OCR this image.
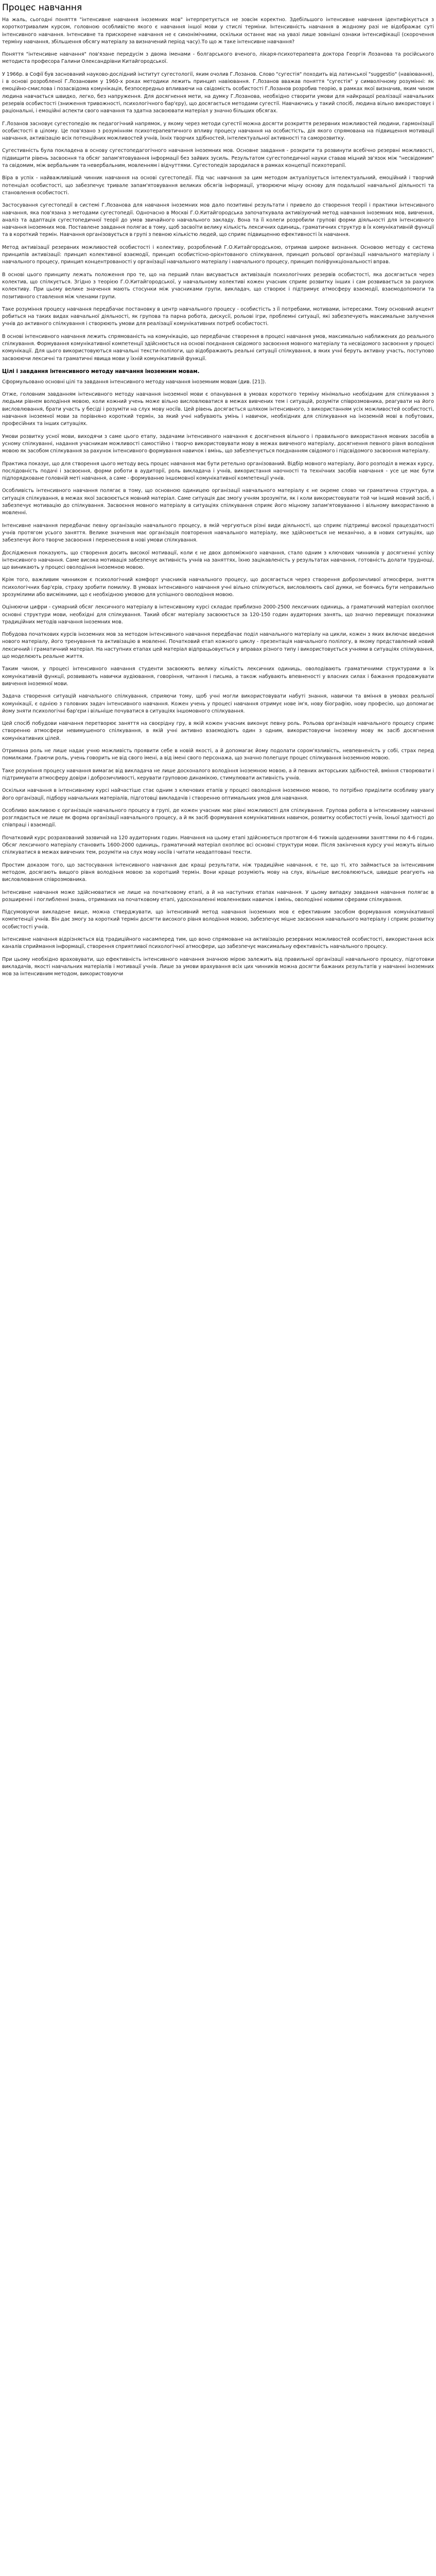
Процес навчання

На жаль, сьогодні поняття "інтенсивне навчання іноземних мов" інтерпретується не зовсім коректно. Здебільшого інтенсивне навчання ідентифікується з короткотривалим курсом, головною особливістю якого є навчання іншої мови у стислі терміни. Інтенсивність навчання в жодному разі не відображає суті інтенсивного навчання. Інтенсивне та прискорене навчання не є синонімічними, оскільки останнє має на увазі лише зовнішні ознаки інтенсифікації (скорочення терміну навчання, збільшення обсягу матеріалу за визначений період часу).То що ж таке інтенсивне навчання?

Поняття "інтенсивне навчання" пов'язане передусім з двома іменами - болгарського вченого, лікаря-психотерапевта доктора Георгія Лозанова та російського методиста професора Галини Олександрівни Китайгородської.

У 1966р. в Софії був заснований науково-дослідний інститут сугестології, яким очолив Г.Лозанов. Слово "сугестія" походить від латинської "suggestio" (навіювання), і в основі розробленої Г.Лозановим у 1960-х роках методики лежить принцип навіювання. Г.Лозанов вважав поняття "сугестія" у символічному розумінні: як емоційно-смислова і позасвідома комунікація, безпосередньо впливаючи на свідомість особистості Г.Лозанов розробив теорію, в рамках якої визначив, яким чином людина навчається швидко, легко, без напруження. Для досягнення мети, на думку Г.Лозанова, необхідно створити умови для найкращої реалізації навчальних резервів особистості (зниження тривожності, психологічного бар'єру), що досягається методами сугестії. Навчаючись у такий спосіб, людина вільно використовує і раціональні, і емоційні аспекти свого навчання та здатна засвоювати матеріал у значно більших обсягах.

Г.Лозанов засновує сугестопедію як педагогічний напрямок, у якому через методи сугестії можна досягти розкриття резервних можливостей людини, гармонізації особистості в цілому. Це пов'язано з розумінням психотерапевтичного впливу процесу навчання на особистість, дія якого спрямована на підвищення мотивації навчання, активізацію всіх потенційних можливостей учнів, їхніх творчих здібностей, інтелектуальної активності та саморозвитку.

Сугестивність була покладена в основу сугестопедагогічного навчання іноземних мов. Основне завдання - розкрити та розвинути всебічно резервні можливості, підвищити рівень засвоєння та обсяг запам'ятовування інформації без зайвих зусиль. Результатом сугестопедичної науки ставав міцний зв'язок між "несвідомим" та свідомим, між вербальним та невербальним, мовленням і відчуттями. Сугестопедія зародилася в рамках концепції психотерапії.

Віра в успіх - найважливіший чинник навчання на основі сугестопедії. Під час навчання за цим методом актуалізується інтелектуальний, емоційний і творчий потенціал особистості, що забезпечує тривале запам'ятовування великих обсягів інформації, утворюючи міцну основу для подальшої навчальної діяльності та становлення особистості.

Застосування сугестопедії в системі Г.Лозанова для навчання іноземних мов дало позитивні результати і привело до створення теорії і практики інтенсивного навчання, яка пов'язана з методами сугестопедії. Одночасно в Москві Г.О.Китайгородська започаткувала активізуючий метод навчання іноземних мов, вивчення, аналіз та адаптація сугестопедичної теорії до умов звичайного навчального закладу. Вона та її колеги розробили групові форми діяльності для інтенсивного навчання іноземних мов. Поставлене завдання полягає в тому, щоб засвоїти велику кількість лексичних одиниць, граматичних структур в їх комунікативній функції та в короткий термін. Навчання організовується в групі з певною кількістю людей, що сприяє підвищенню ефективності їх навчання.

Метод активізації резервних можливостей особистості і колективу, розроблений Г.О.Китайгородською, отримав широке визнання. Основою методу є система принципів активізації: принцип колективної взаємодії, принцип особистісно-орієнтованого спілкування, принцип рольової організації навчального матеріалу і навчального процесу, принцип концентрованості у організації навчального матеріалу і навчального процесу, принцип поліфункціональності вправ.

В основі цього принципу лежать положення про те, що на перший план висувається активізація психологічних резервів особистості, яка досягається через колектив, що спілкується. Згідно з теорією Г.О.Китайгородської, у навчальному колективі кожен учасник сприяє розвитку інших і сам розвивається за рахунок колективу. При цьому велике значення мають стосунки між учасниками групи, викладач, що створює і підтримує атмосферу взаємодії, взаємодопомоги та позитивного ставлення між членами групи.

Таке розуміння процесу навчання передбачає постановку в центр навчального процесу - особистість з її потребами, мотивами, інтересами. Тому основний акцент робиться на таких видах навчальної діяльності, як групова та парна робота, дискусії, рольові ігри, проблемні ситуації, які забезпечують максимальне залучення учнів до активного спілкування і створюють умови для реалізації комунікативних потреб особистості.

В основі інтенсивного навчання лежить спрямованість на комунікацію, що передбачає створення в процесі навчання умов, максимально наближених до реального спілкування. Формування комунікативної компетенції здійснюється на основі поєднання свідомого засвоєння мовного матеріалу та несвідомого засвоєння у процесі комунікації. Для цього використовуються навчальні тексти-полілоги, що відображають реальні ситуації спілкування, в яких учні беруть активну участь, поступово засвоюючи лексичні та граматичні явища мови у їхній комунікативній функції.

Цілі і завдання інтенсивного методу навчання іноземним мовам.

Сформульовано основні цілі та завдання інтенсивного методу навчання іноземним мовам (див. [21]).

Отже, головним завданням інтенсивного методу навчання іноземної мови є опанування в умовах короткого терміну мінімально необхідним для спілкування з людьми рівнем володіння мовою, коли кожний учень може вільно висловлюватися в межах вивчених тем і ситуацій, розуміти співрозмовника, реагувати на його висловлювання, брати участь у бесіді і розуміти на слух мову носіїв. Цей рівень досягається шляхом інтенсивного, з використанням усіх можливостей особистості, навчання іноземної мови за порівняно короткий термін, за який учні набувають умінь і навичок, необхідних для спілкування на іноземній мові в побутових, професійних та інших ситуаціях.

Умови розвитку усної мови, виходячи з саме цього етапу, задачами інтенсивного навчання є досягнення вільного і правильного використання мовних засобів в усному спілкуванні, надання учасникам можливості самостійно і творчо використовувати мову в межах вивченого матеріалу, досягнення певного рівня володіння мовою як засобом спілкування за рахунок інтенсивного формування навичок і вмінь, що забезпечується поєднанням свідомого і підсвідомого засвоєння матеріалу.

Практика показує, що для створення цього методу весь процес навчання має бути ретельно організований. Відбір мовного матеріалу, його розподіл в межах курсу, послідовність подачі і засвоєння, форми роботи в аудиторії, роль викладача і учнів, використання наочності та технічних засобів навчання - усе це має бути підпорядковане головній меті навчання, а саме - формуванню іншомовної комунікативної компетенції учнів.

Особливість інтенсивного навчання полягає в тому, що основною одиницею організації навчального матеріалу є не окреме слово чи граматична структура, а ситуація спілкування, в межах якої засвоюється мовний матеріал. Саме ситуація дає змогу учням зрозуміти, як і коли використовувати той чи інший мовний засіб, і забезпечує мотивацію до спілкування. Засвоєння мовного матеріалу в ситуаціях спілкування сприяє його міцному запам'ятовуванню і вільному використанню в мовленні.

Інтенсивне навчання передбачає певну організацію навчального процесу, в якій чергуються різні види діяльності, що сприяє підтримці високої працездатності учнів протягом усього заняття. Велике значення має організація повторення навчального матеріалу, яке здійснюється не механічно, а в нових ситуаціях, що забезпечує його творче засвоєння і перенесення в нові умови спілкування.

Дослідження показують, що створення досить високої мотивації, коли є не двох допоміжного навчання, стало одним з ключових чинників у досягненні успіху інтенсивного навчання. Саме висока мотивація забезпечує активність учнів на заняттях, їхню зацікавленість у результатах навчання, готовність долати труднощі, що виникають у процесі оволодіння іноземною мовою.

Крім того, важливим чинником є психологічний комфорт учасників навчального процесу, що досягається через створення доброзичливої атмосфери, зняття психологічних бар'єрів, страху зробити помилку. В умовах інтенсивного навчання учні вільно спілкуються, висловлюють свої думки, не боячись бути неправильно зрозумілими або висміяними, що є необхідною умовою для успішного оволодіння мовою.

Оцінюючи цифри - сумарний обсяг лексичного матеріалу в інтенсивному курсі складає приблизно 2000-2500 лексичних одиниць, а граматичний матеріал охоплює основні структури мови, необхідні для спілкування. Такий обсяг матеріалу засвоюється за 120-150 годин аудиторних занять, що значно перевищує показники традиційних методів навчання іноземних мов.

Побудова початкових курсів іноземних мов за методом інтенсивного навчання передбачає поділ навчального матеріалу на цикли, кожен з яких включає введення нового матеріалу, його тренування та активізацію в мовленні. Початковий етап кожного циклу - презентація навчального полілогу, в якому представлений новий лексичний і граматичний матеріал. На наступних етапах цей матеріал відпрацьовується у вправах різного типу і використовується учнями в ситуаціях спілкування, що моделюють реальне життя.

Таким чином, у процесі інтенсивного навчання студенти засвоюють велику кількість лексичних одиниць, оволодівають граматичними структурами в їх комунікативній функції, розвивають навички аудіювання, говоріння, читання і письма, а також набувають впевненості у власних силах і бажання продовжувати вивчення іноземної мови.

Задача створення ситуацій навчального спілкування, сприяючи тому, щоб учні могли використовувати набуті знання, навички та вміння в умовах реальної комунікації, є однією з головних задач інтенсивного навчання. Кожен учень у процесі навчання отримує нове ім'я, нову біографію, нову професію, що допомагає йому зняти психологічні бар'єри і вільніше почуватися в ситуаціях іншомовного спілкування.

Цей спосіб побудови навчання перетворює заняття на своєрідну гру, в якій кожен учасник виконує певну роль. Рольова організація навчального процесу сприяє створенню атмосфери невимушеного спілкування, в якій учні активно взаємодіють один з одним, використовуючи іноземну мову як засіб досягнення комунікативних цілей.

Отримана роль не лише надає учню можливість проявити себе в новій якості, а й допомагає йому подолати сором'язливість, невпевненість у собі, страх перед помилками. Граючи роль, учень говорить не від свого імені, а від імені свого персонажа, що значно полегшує процес спілкування іноземною мовою.

Таке розуміння процесу навчання вимагає від викладача не лише досконалого володіння іноземною мовою, а й певних акторських здібностей, вміння створювати і підтримувати атмосферу довіри і доброзичливості, керувати груповою динамікою, стимулювати активність учнів.

Оскільки навчання в інтенсивному курсі найчастіше стає одним з ключових етапів у процесі оволодіння іноземною мовою, то потрібно приділити особливу увагу його організації, підбору навчальних матеріалів, підготовці викладачів і створенню оптимальних умов для навчання.

Особливо важливою є організація навчального процесу в групі, де кожен учасник має рівні можливості для спілкування. Групова робота в інтенсивному навчанні розглядається не лише як форма організації навчального процесу, а й як засіб формування комунікативних навичок, розвитку особистості учнів, їхньої здатності до співпраці і взаємодії.

Початковий курс розрахований зазвичай на 120 аудиторних годин. Навчання на цьому етапі здійснюється протягом 4-6 тижнів щоденними заняттями по 4-6 годин. Обсяг лексичного матеріалу становить 1600-2000 одиниць, граматичний матеріал охоплює всі основні структури мови. Після закінчення курсу учні можуть вільно спілкуватися в межах вивчених тем, розуміти на слух мову носіїв і читати неадаптовані тексти.

Простим доказом того, що застосування інтенсивного навчання дає кращі результати, ніж традиційне навчання, є те, що ті, хто займається за інтенсивним методом, досягають вищого рівня володіння мовою за коротший термін. Вони краще розуміють мову на слух, вільніше висловлюються, швидше реагують на висловлювання співрозмовника.

Інтенсивне навчання може здійснюватися не лише на початковому етапі, а й на наступних етапах навчання. У цьому випадку завдання навчання полягає в розширенні і поглибленні знань, отриманих на початковому етапі, удосконаленні мовленнєвих навичок і вмінь, оволодінні новими сферами спілкування.

Підсумовуючи викладене вище, можна стверджувати, що інтенсивний метод навчання іноземних мов є ефективним засобом формування комунікативної компетенції учнів. Він дає змогу за короткий термін досягти високого рівня володіння мовою, забезпечує міцне засвоєння навчального матеріалу і сприяє розвитку особистості учнів.

Інтенсивне навчання відрізняється від традиційного насамперед тим, що воно спрямоване на активізацію резервних можливостей особистості, використання всіх каналів сприймання інформації, створення сприятливої психологічної атмосфери, що забезпечує максимальну ефективність навчального процесу.

При цьому необхідно враховувати, що ефективність інтенсивного навчання значною мірою залежить від правильної організації навчального процесу, підготовки викладачів, якості навчальних матеріалів і мотивації учнів. Лише за умови врахування всіх цих чинників можна досягти бажаних результатів у навчанні іноземних мов за інтенсивним методом, використовуючи
